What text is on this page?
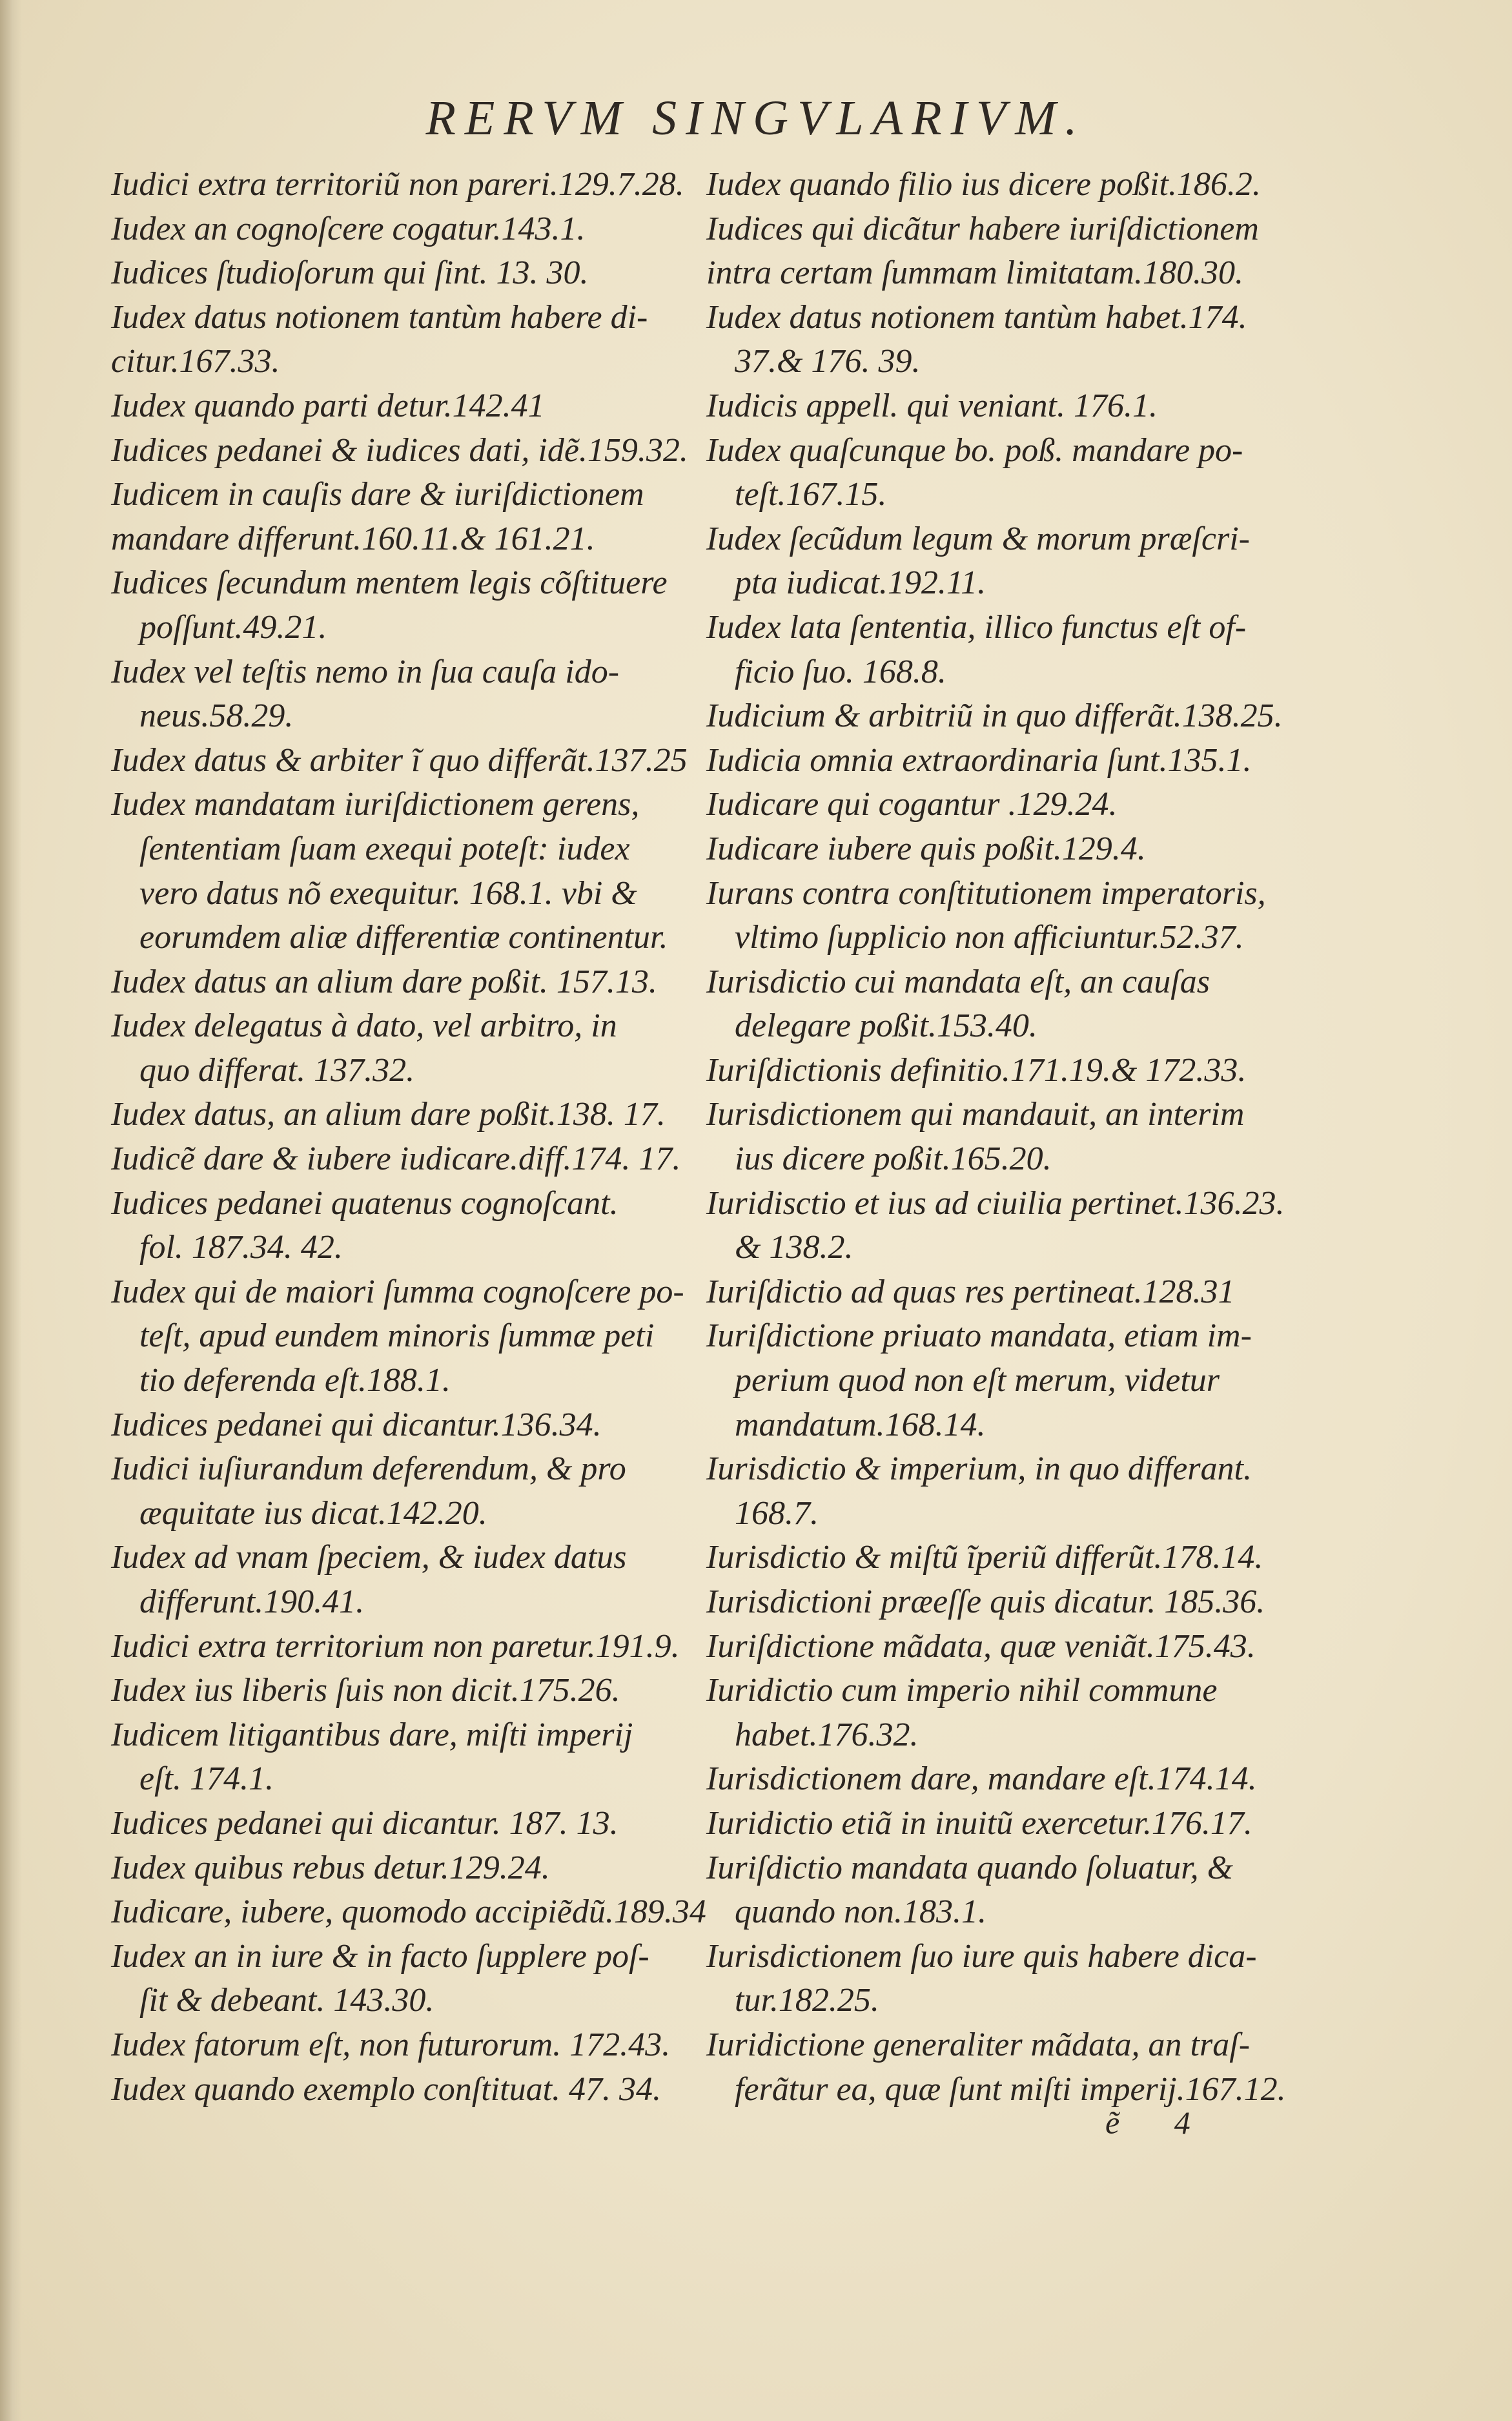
RERVM SINGVLARIVM.
Iudici extra territoriũ non pareri.129.7.28.
Iudex an cognoſcere cogatur.143.1.
Iudices ſtudioſorum qui ſint. 13. 30.
Iudex datus notionem tantùm habere di-
citur.167.33.
Iudex quando parti detur.142.41
Iudices pedanei & iudices dati, idẽ.159.32.
Iudicem in cauſis dare & iuriſdictionem
mandare differunt.160.11.& 161.21.
Iudices ſecundum mentem legis cõſtituere
poſſunt.49.21.
Iudex vel teſtis nemo in ſua cauſa ido-
neus.58.29.
Iudex datus & arbiter ĩ quo differãt.137.25
Iudex mandatam iuriſdictionem gerens,
ſententiam ſuam exequi poteſt: iudex
vero datus nõ exequitur. 168.1. vbi &
eorumdem aliæ differentiæ continentur.
Iudex datus an alium dare poßit. 157.13.
Iudex delegatus à dato, vel arbitro, in
quo differat. 137.32.
Iudex datus, an alium dare poßit.138. 17.
Iudicẽ dare & iubere iudicare.diff.174. 17.
Iudices pedanei quatenus cognoſcant.
fol. 187.34. 42.
Iudex qui de maiori ſumma cognoſcere po-
teſt, apud eundem minoris ſummæ peti
tio deferenda eſt.188.1.
Iudices pedanei qui dicantur.136.34.
Iudici iuſiurandum deferendum, & pro
æquitate ius dicat.142.20.
Iudex ad vnam ſpeciem, & iudex datus
differunt.190.41.
Iudici extra territorium non paretur.191.9.
Iudex ius liberis ſuis non dicit.175.26.
Iudicem litigantibus dare, miſti imperij
eſt. 174.1.
Iudices pedanei qui dicantur. 187. 13.
Iudex quibus rebus detur.129.24.
Iudicare, iubere, quomodo accipiẽdũ.189.34
Iudex an in iure & in facto ſupplere poſ-
ſit & debeant. 143.30.
Iudex fatorum eſt, non futurorum. 172.43.
Iudex quando exemplo conſtituat. 47. 34.
Iudex quando filio ius dicere poßit.186.2.
Iudices qui dicãtur habere iuriſdictionem
intra certam ſummam limitatam.180.30.
Iudex datus notionem tantùm habet.174.
37.& 176. 39.
Iudicis appell. qui veniant. 176.1.
Iudex quaſcunque bo. poß. mandare po-
teſt.167.15.
Iudex ſecũdum legum & morum præſcri-
pta iudicat.192.11.
Iudex lata ſententia, illico functus eſt of-
ficio ſuo. 168.8.
Iudicium & arbitriũ in quo differãt.138.25.
Iudicia omnia extraordinaria ſunt.135.1.
Iudicare qui cogantur .129.24.
Iudicare iubere quis poßit.129.4.
Iurans contra conſtitutionem imperatoris,
vltimo ſupplicio non afficiuntur.52.37.
Iurisdictio cui mandata eſt, an cauſas
delegare poßit.153.40.
Iuriſdictionis definitio.171.19.& 172.33.
Iurisdictionem qui mandauit, an interim
ius dicere poßit.165.20.
Iuridisctio et ius ad ciuilia pertinet.136.23.
& 138.2.
Iuriſdictio ad quas res pertineat.128.31
Iuriſdictione priuato mandata, etiam im-
perium quod non eſt merum, videtur
mandatum.168.14.
Iurisdictio & imperium, in quo differant.
168.7.
Iurisdictio & miſtũ ĩperiũ differũt.178.14.
Iurisdictioni præeſſe quis dicatur. 185.36.
Iuriſdictione mãdata, quæ veniãt.175.43.
Iuridictio cum imperio nihil commune
habet.176.32.
Iurisdictionem dare, mandare eſt.174.14.
Iuridictio etiã in inuitũ exercetur.176.17.
Iuriſdictio mandata quando ſoluatur, &
quando non.183.1.
Iurisdictionem ſuo iure quis habere dica-
tur.182.25.
Iuridictione generaliter mãdata, an traſ-
ferãtur ea, quæ ſunt miſti imperij.167.12.
ẽ 4
